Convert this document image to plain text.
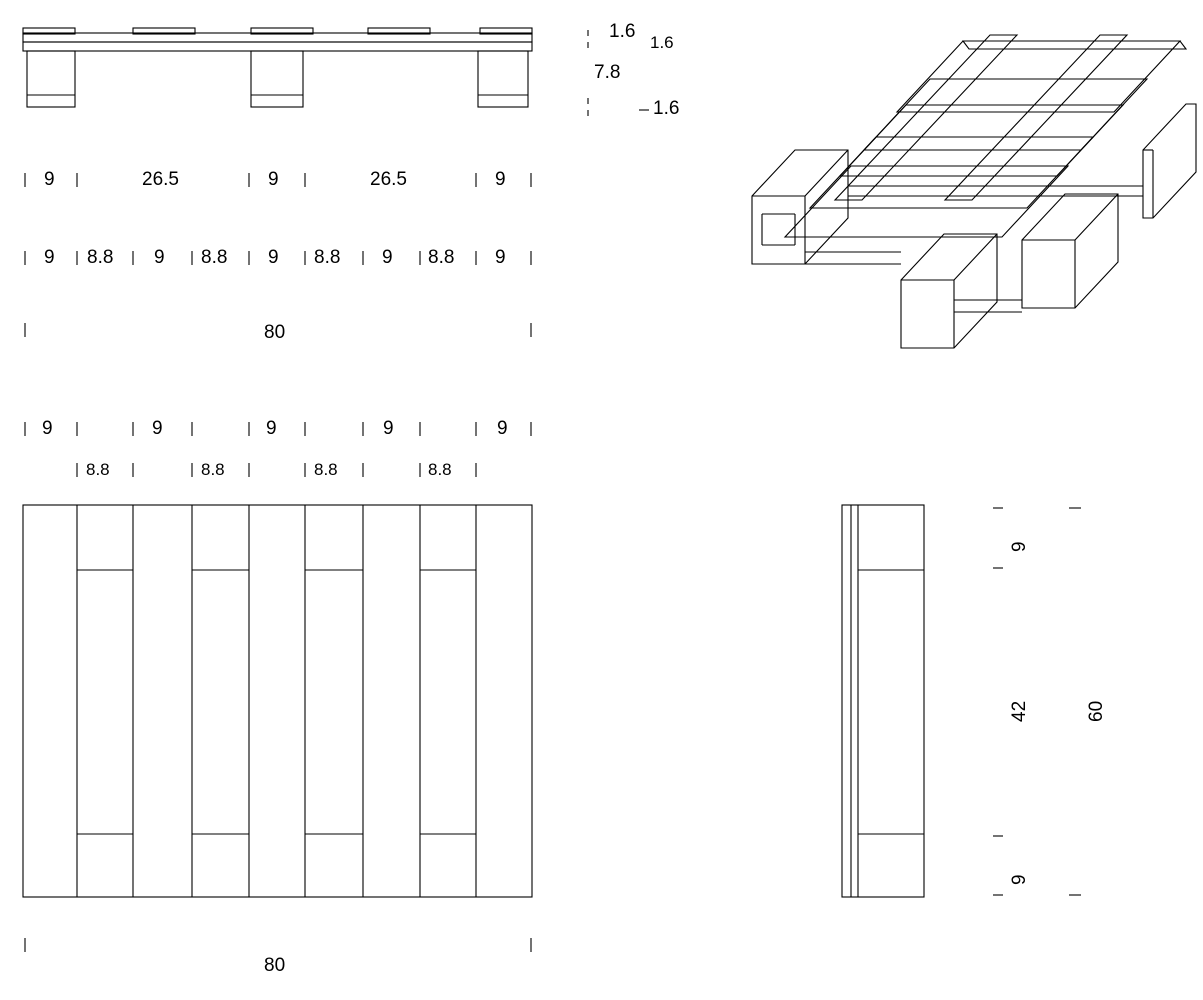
1.6
1.6
7.8
1.6
9	26.5	9	26.5	9
9 8.8 9 8.8 9 8.8 9 8.8 9
80
9	9	9	9	9
8.8	8.8	8.8	8.8
80
9
42
9
60
